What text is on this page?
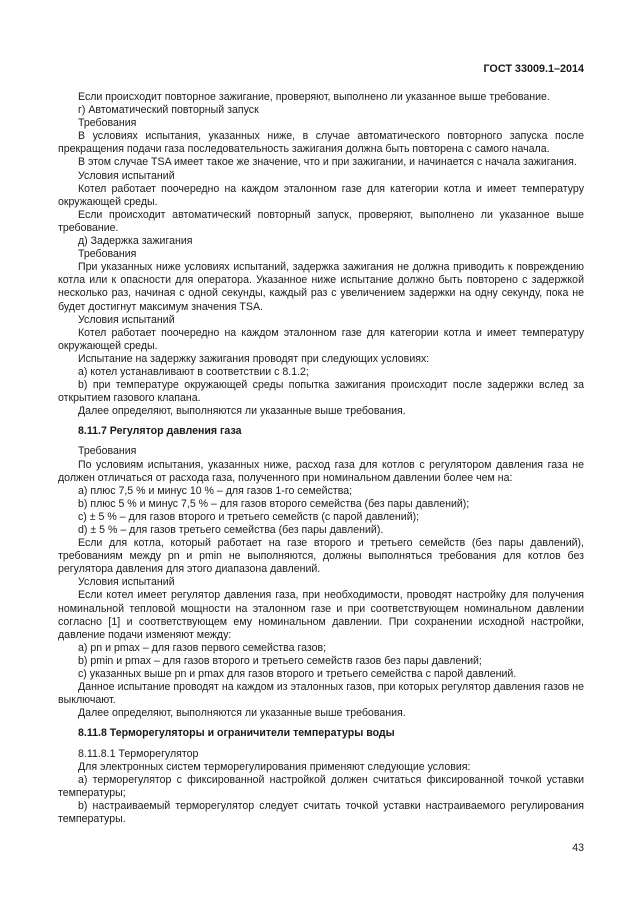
ГОСТ 33009.1–2014

Если происходит повторное зажигание, проверяют, выполнено ли указанное выше требование.

г) Автоматический повторный запуск

Требования

В условиях испытания, указанных ниже, в случае автоматического повторного запуска после прекращения подачи газа последовательность зажигания должна быть повторена с самого начала.

В этом случае TSA имеет такое же значение, что и при зажигании, и начинается с начала зажигания.

Условия испытаний

Котел работает поочередно на каждом эталонном газе для категории котла и имеет температуру окружающей среды.

Если происходит автоматический повторный запуск, проверяют, выполнено ли указанное выше требование.

д) Задержка зажигания

Требования

При указанных ниже условиях испытаний, задержка зажигания не должна приводить к повреждению котла или к опасности для оператора. Указанное ниже испытание должно быть повторено с задержкой несколько раз, начиная с одной секунды, каждый раз с увеличением задержки на одну секунду, пока не будет достигнут максимум значения TSA.

Условия испытаний

Котел работает поочередно на каждом эталонном газе для категории котла и имеет температуру окружающей среды.

Испытание на задержку зажигания проводят при следующих условиях:

a) котел устанавливают в соответствии с 8.1.2;

b) при температуре окружающей среды попытка зажигания происходит после задержки вслед за открытием газового клапана.

Далее определяют, выполняются ли указанные выше требования.

8.11.7 Регулятор давления газа

Требования

По условиям испытания, указанных ниже, расход газа для котлов с регулятором давления газа не должен отличаться от расхода газа, полученного при номинальном давлении более чем на:

a) плюс 7,5 % и минус 10 % – для газов 1-го семейства;

b) плюс 5 % и минус 7,5 % – для газов второго семейства (без пары давлений);

c) ± 5 % – для газов второго и третьего семейств (с парой давлений);

d) ± 5 % – для газов третьего семейства (без пары давлений).

Если для котла, который работает на газе второго и третьего семейств (без пары давлений), требованиям между pn и pmin не выполняются, должны выполняться требования для котлов без регулятора давления для этого диапазона давлений.

Условия испытаний

Если котел имеет регулятор давления газа, при необходимости, проводят настройку для получения номинальной тепловой мощности на эталонном газе и при соответствующем номинальном давлении согласно [1] и соответствующем ему номинальном давлении. При сохранении исходной настройки, давление подачи изменяют между:

a) pn и pmax – для газов первого семейства газов;

b) pmin и pmax – для газов второго и третьего семейств газов без пары давлений;

c) указанных выше pn и pmax для газов второго и третьего семейства с парой давлений.

Данное испытание проводят на каждом из эталонных газов, при которых регулятор давления газов не выключают.

Далее определяют, выполняются ли указанные выше требования.

8.11.8 Терморегуляторы и ограничители температуры воды

8.11.8.1 Терморегулятор

Для электронных систем терморегулирования применяют следующие условия:

a) терморегулятор с фиксированной настройкой должен считаться фиксированной точкой уставки температуры;

b) настраиваемый терморегулятор следует считать точкой уставки настраиваемого регулирования температуры.

43
